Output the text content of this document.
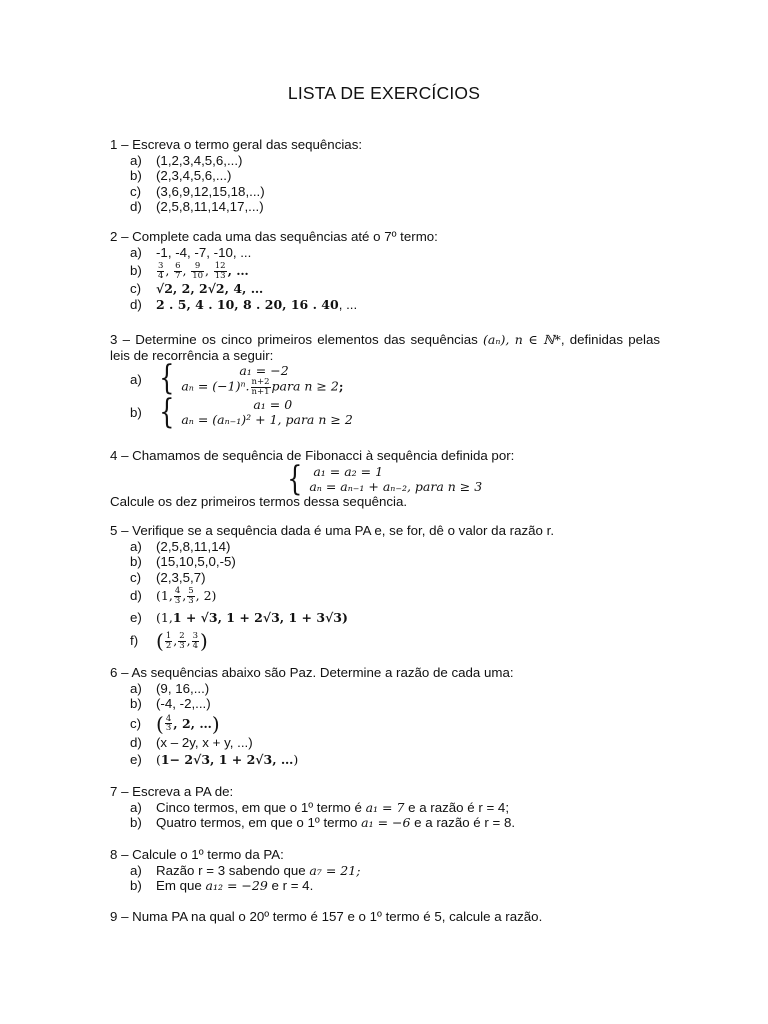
LISTA DE EXERCÍCIOS
1 – Escreva o termo geral das sequências:
a) (1,2,3,4,5,6,...)
b) (2,3,4,5,6,...)
c) (3,6,9,12,15,18,...)
d) (2,5,8,11,14,17,...)
2 – Complete cada uma das sequências até o 7º termo:
a) -1, -4, -7, -10, ...
$b) \frac{3}{4}$ , $\frac{6}{7}$ , $\frac{9}{10}$ , $\frac{12}{13}$ , …
c) √2, 2, 2√2, 4, …
d) 2 . 5, 4 . 10, 8 . 20, 16 . 40, ...
3 – Determine os cinco primeiros elementos das sequências (aₙ), n ∈ ℕ*, definidas pelas leis de recorrência a seguir:
a) {	a₁ = −2
aₙ = (−1)ⁿ. $\frac{n+2}{n+1}$ para n ≥ 2;
b) {	a₁ = 0
aₙ = (aₙ₋₁)² + 1, para n ≥ 2
4 – Chamamos de sequência de Fibonacci à sequência definida por:
{ a₁ = a₂ = 1
aₙ = aₙ₋₁ + aₙ₋₂, para n ≥ 3
Calcule os dez primeiros termos dessa sequência.
5 – Verifique se a sequência dada é uma PA e, se for, dê o valor da razão r.
a) (2,5,8,11,14)
b) (15,10,5,0,-5)
c) (2,3,5,7)
d) (1, $\frac{4}{3}$ , $\frac{5}{3}$ , 2)
e) (1,1 + √3, 1 + 2√3, 1 + 3√3)
f) ( $\frac{1}{2}$ , $\frac{2}{3}$ , $\frac{3}{4}$ )
6 – As sequências abaixo são Paz. Determine a razão de cada uma:
a) (9, 16,...)
b) (-4, -2,...)
c) ( $\frac{4}{3}$ , 2, …)
d) (x – 2y, x + y, ...)
e) (1− 2√3, 1 + 2√3, …)
7 – Escreva a PA de:
a) Cinco termos, em que o 1º termo é a₁ = 7 e a razão é r = 4;
b) Quatro termos, em que o 1º termo a₁ = −6 e a razão é r = 8.
8 – Calcule o 1º termo da PA:
a) Razão r = 3 sabendo que a₇ = 21;
b) Em que a₁₂ = −29 e r = 4.
9 – Numa PA na qual o 20º termo é 157 e o 1º termo é 5, calcule a razão.
